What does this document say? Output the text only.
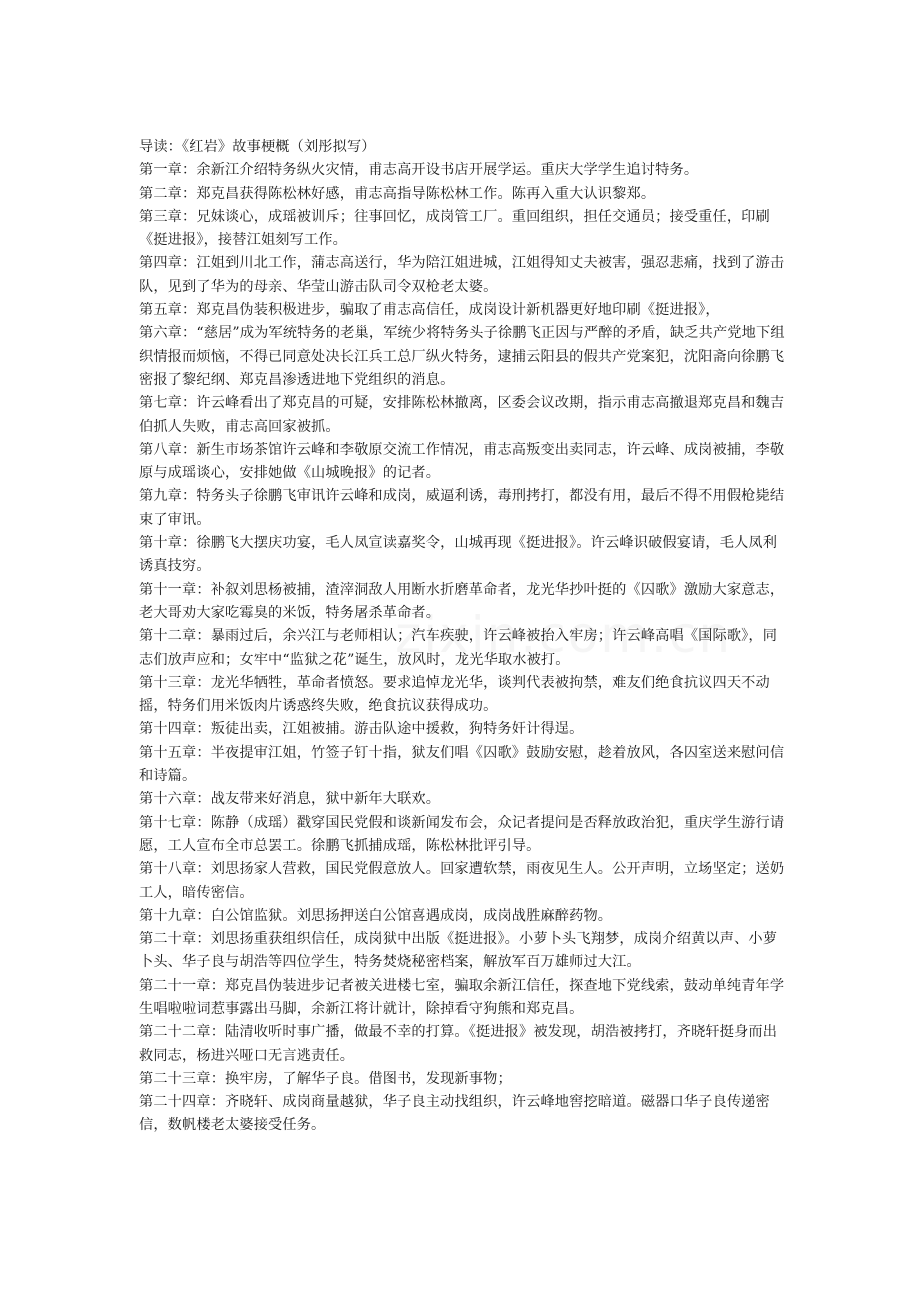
导读：《红岩》故事梗概（刘彤拟写）

第一章：余新江介绍特务纵火灾情，甫志高开设书店开展学运。重庆大学学生追讨特务。

第二章：郑克昌获得陈松林好感，甫志高指导陈松林工作。陈再入重大认识黎郑。

第三章：兄妹谈心，成瑶被训斥；往事回忆，成岗管工厂。重回组织，担任交通员；接受重任，印刷《挺进报》，接替江姐刻写工作。

第四章：江姐到川北工作，蒲志高送行，华为陪江姐进城，江姐得知丈夫被害，强忍悲痛，找到了游击队，见到了华为的母亲、华莹山游击队司令双枪老太婆。

第五章：郑克昌伪装积极进步，骗取了甫志高信任，成岗设计新机器更好地印刷《挺进报》，

第六章：“慈居”成为军统特务的老巢，军统少将特务头子徐鹏飞正因与严醉的矛盾，缺乏共产党地下组织情报而烦恼，不得已同意处决长江兵工总厂纵火特务，逮捕云阳县的假共产党案犯，沈阳斋向徐鹏飞密报了黎纪纲、郑克昌渗透进地下党组织的消息。

第七章：许云峰看出了郑克昌的可疑，安排陈松林撤离，区委会议改期，指示甫志高撤退郑克昌和魏吉伯抓人失败，甫志高回家被抓。

第八章：新生市场茶馆许云峰和李敬原交流工作情况，甫志高叛变出卖同志，许云峰、成岗被捕，李敬原与成瑶谈心，安排她做《山城晚报》的记者。

第九章：特务头子徐鹏飞审讯许云峰和成岗，威逼利诱，毒刑拷打，都没有用，最后不得不用假枪毙结束了审讯。

第十章：徐鹏飞大摆庆功宴，毛人凤宣读嘉奖令，山城再现《挺进报》。许云峰识破假宴请，毛人凤利诱真技穷。

第十一章：补叙刘思杨被捕，渣滓洞敌人用断水折磨革命者，龙光华抄叶挺的《囚歌》激励大家意志，老大哥劝大家吃霉臭的米饭，特务屠杀革命者。

第十二章：暴雨过后，余兴江与老师相认；汽车疾驶，许云峰被抬入牢房；许云峰高唱《国际歌》，同志们放声应和；女牢中“监狱之花”诞生，放风时，龙光华取水被打。

第十三章：龙光华牺牲，革命者愤怒。要求追悼龙光华，谈判代表被拘禁，难友们绝食抗议四天不动摇，特务们用米饭肉片诱惑终失败，绝食抗议获得成功。

第十四章：叛徒出卖，江姐被捕。游击队途中援救，狗特务奸计得逞。

第十五章：半夜提审江姐，竹签子钉十指，狱友们唱《囚歌》鼓励安慰，趁着放风，各囚室送来慰问信和诗篇。

第十六章：战友带来好消息，狱中新年大联欢。

第十七章：陈静（成瑶）戳穿国民党假和谈新闻发布会，众记者提问是否释放政治犯，重庆学生游行请愿，工人宣布全市总罢工。徐鹏飞抓捕成瑶，陈松林批评引导。

第十八章：刘思扬家人营救，国民党假意放人。回家遭软禁，雨夜见生人。公开声明，立场坚定；送奶工人，暗传密信。

第十九章：白公馆监狱。刘思扬押送白公馆喜遇成岗，成岗战胜麻醉药物。

第二十章：刘思扬重获组织信任，成岗狱中出版《挺进报》。小萝卜头飞翔梦，成岗介绍黄以声、小萝卜头、华子良与胡浩等四位学生，特务焚烧秘密档案，解放军百万雄师过大江。

第二十一章：郑克昌伪装进步记者被关进楼七室，骗取余新江信任，探查地下党线索，鼓动单纯青年学生唱啦啦词惹事露出马脚，余新江将计就计，除掉看守狗熊和郑克昌。

第二十二章：陆清收听时事广播，做最不幸的打算。《挺进报》被发现，胡浩被拷打，齐晓轩挺身而出救同志，杨进兴哑口无言逃责任。

第二十三章：换牢房，了解华子良。借图书，发现新事物；

第二十四章：齐晓轩、成岗商量越狱，华子良主动找组织，许云峰地窖挖暗道。磁器口华子良传递密信，数帆楼老太婆接受任务。
